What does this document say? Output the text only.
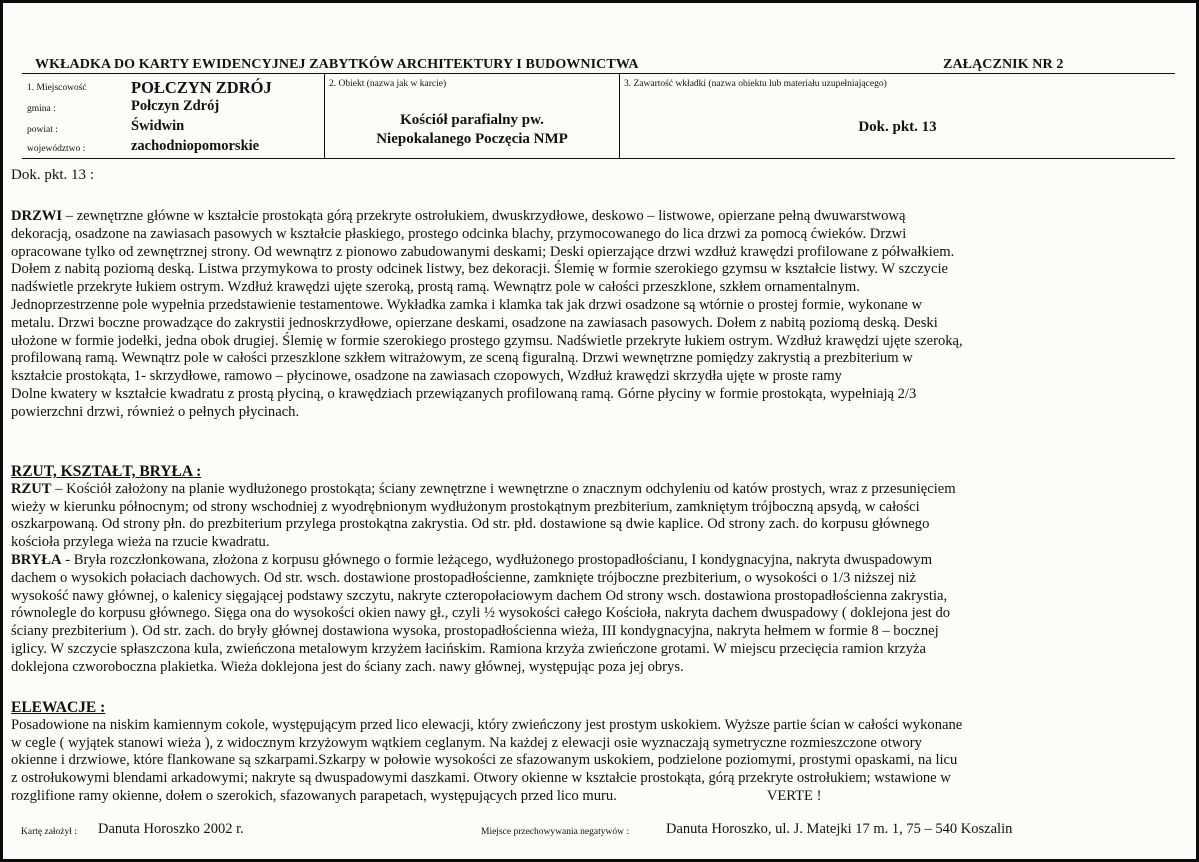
WKŁADKA DO KARTY EWIDENCYJNEJ ZABYTKÓW ARCHITEKTURY I BUDOWNICTWA	ZAŁĄCZNIK NR 2
1. Miejscowość	POŁCZYN ZDRÓJ
gmina :	Połczyn Zdrój
powiat :	Świdwin
województwo :	zachodniopomorskie
2. Obiekt (nazwa jak w karcie)
Kościół parafialny pw.
Niepokalanego Poczęcia NMP
3. Zawartość wkładki (nazwa obiektu lub materiału uzupełniającego)
Dok. pkt. 13
Dok. pkt. 13 :

DRZWI – zewnętrzne główne w kształcie prostokąta górą przekryte ostrołukiem, dwuskrzydłowe, deskowo – listwowe, opierzane pełną dwuwarstwową

dekoracją, osadzone na zawiasach pasowych w kształcie płaskiego, prostego odcinka blachy, przymocowanego do lica drzwi za pomocą ćwieków. Drzwi

opracowane tylko od zewnętrznej strony. Od wewnątrz z pionowo zabudowanymi deskami; Deski opierzające drzwi wzdłuż krawędzi profilowane z półwałkiem.

Dołem z nabitą poziomą deską. Listwa przymykowa to prosty odcinek listwy, bez dekoracji. Ślemię w formie szerokiego gzymsu w kształcie listwy. W szczycie

nadświetle przekryte łukiem ostrym. Wzdłuż krawędzi ujęte szeroką, prostą ramą. Wewnątrz pole w całości przeszklone, szkłem ornamentalnym.

Jednoprzestrzenne pole wypełnia przedstawienie testamentowe. Wykładka zamka i klamka tak jak drzwi osadzone są wtórnie o prostej formie, wykonane w

metalu. Drzwi boczne prowadzące do zakrystii jednoskrzydłowe, opierzane deskami, osadzone na zawiasach pasowych. Dołem z nabitą poziomą deską. Deski

ułożone w formie jodełki, jedna obok drugiej. Ślemię w formie szerokiego prostego gzymsu. Nadświetle przekryte łukiem ostrym. Wzdłuż krawędzi ujęte szeroką,

profilowaną ramą. Wewnątrz pole w całości przeszklone szkłem witrażowym, ze sceną figuralną. Drzwi wewnętrzne pomiędzy zakrystią a prezbiterium w

kształcie prostokąta, 1- skrzydłowe, ramowo – płycinowe, osadzone na zawiasach czopowych, Wzdłuż krawędzi skrzydła ujęte w proste ramy

Dolne kwatery w kształcie kwadratu z prostą płyciną, o krawędziach przewiązanych profilowaną ramą. Górne płyciny w formie prostokąta, wypełniają 2/3

powierzchni drzwi, również o pełnych płycinach.

RZUT, KSZTAŁT, BRYŁA :

RZUT – Kościół założony na planie wydłużonego prostokąta; ściany zewnętrzne i wewnętrzne o znacznym odchyleniu od katów prostych, wraz z przesunięciem

wieży w kierunku północnym; od strony wschodniej z wyodrębnionym wydłużonym prostokątnym prezbiterium, zamkniętym trójboczną apsydą, w całości

oszkarpowaną. Od strony płn. do prezbiterium przylega prostokątna zakrystia. Od str. płd. dostawione są dwie kaplice. Od strony zach. do korpusu głównego

kościoła przylega wieża na rzucie kwadratu.

BRYŁA - Bryła rozczłonkowana, złożona z korpusu głównego o formie leżącego, wydłużonego prostopadłościanu, I kondygnacyjna, nakryta dwuspadowym

dachem o wysokich połaciach dachowych. Od str. wsch. dostawione prostopadłościenne, zamknięte trójboczne prezbiterium, o wysokości o 1/3 niższej niż

wysokość nawy głównej, o kalenicy sięgającej podstawy szczytu, nakryte czteropołaciowym dachem Od strony wsch. dostawiona prostopadłościenna zakrystia,

równolegle do korpusu głównego. Sięga ona do wysokości okien nawy gł., czyli ½ wysokości całego Kościoła, nakryta dachem dwuspadowy ( doklejona jest do

ściany prezbiterium ). Od str. zach. do bryły głównej dostawiona wysoka, prostopadłościenna wieża, III kondygnacyjna, nakryta hełmem w formie 8 – bocznej

iglicy. W szczycie spłaszczona kula, zwieńczona metalowym krzyżem łacińskim. Ramiona krzyża zwieńczone grotami. W miejscu przecięcia ramion krzyża

doklejona czworoboczna plakietka. Wieża doklejona jest do ściany zach. nawy głównej, występując poza jej obrys.

ELEWACJE :

Posadowione na niskim kamiennym cokole, występującym przed lico elewacji, który zwieńczony jest prostym uskokiem. Wyższe partie ścian w całości wykonane

w cegle ( wyjątek stanowi wieża ), z widocznym krzyżowym wątkiem ceglanym. Na każdej z elewacji osie wyznaczają symetryczne rozmieszczone otwory

okienne i drzwiowe, które flankowane są szkarpami.Szkarpy w połowie wysokości ze sfazowanym uskokiem, podzielone poziomymi, prostymi opaskami, na licu

z ostrołukowymi blendami arkadowymi; nakryte są dwuspadowymi daszkami. Otwory okienne w kształcie prostokąta, górą przekryte ostrołukiem; wstawione w

rozglifione ramy okienne, dołem o szerokich, sfazowanych parapetach, występujących przed lico muru.	VERTE !

Kartę założył : Danuta Horoszko 2002 r.	Miejsce przechowywania negatywów :	Danuta Horoszko, ul. J. Matejki 17 m. 1, 75 – 540 Koszalin
